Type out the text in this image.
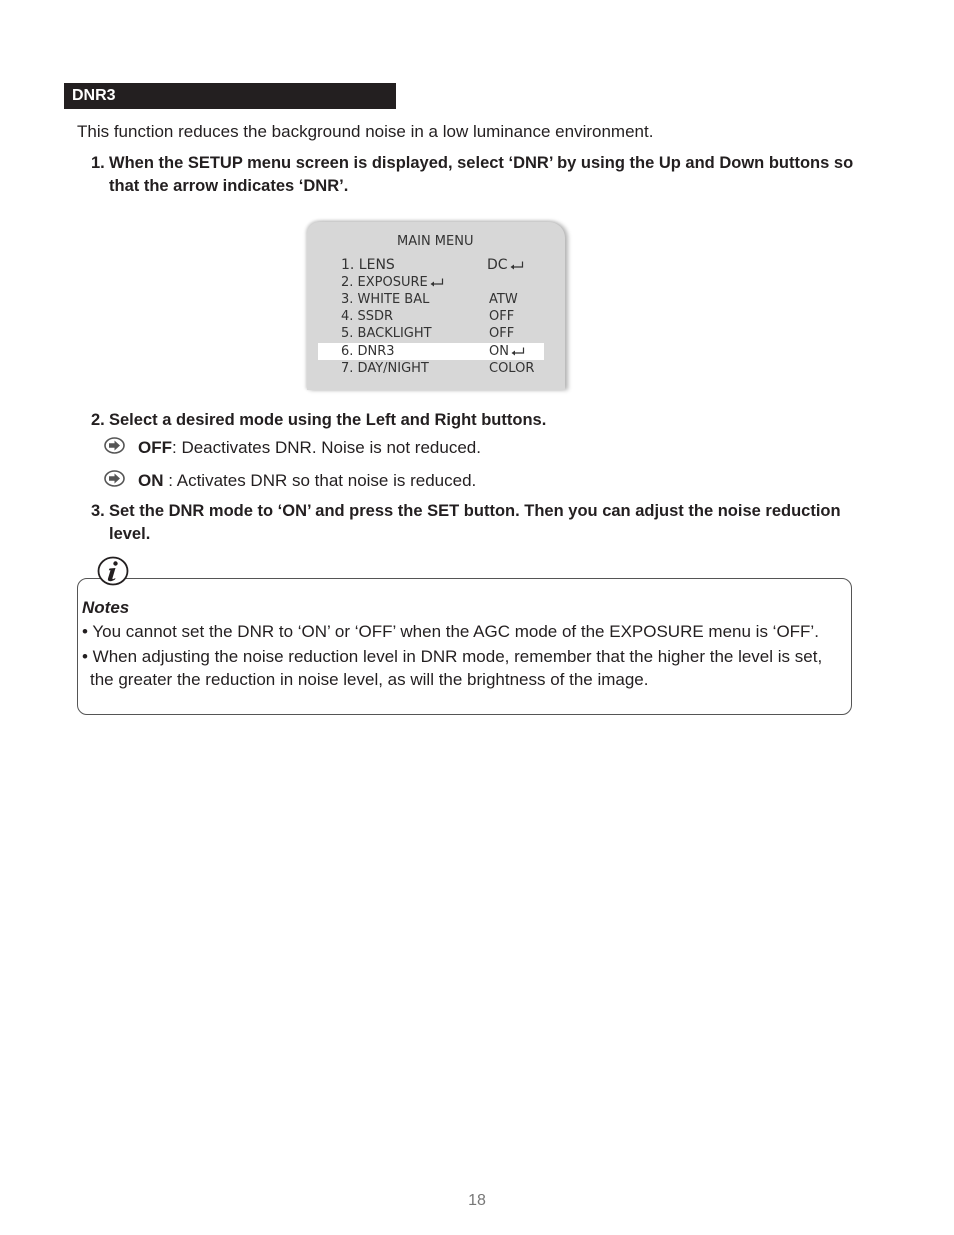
DNR3
This function reduces the background noise in a low luminance environment.
1. When the SETUP menu screen is displayed, select ‘DNR’ by using the Up and Down buttons so
that the arrow indicates ‘DNR’.
MAIN MENU
1. LENS	DC
2. EXPOSURE
3. WHITE BAL	ATW
4. SSDR	OFF
5. BACKLIGHT	OFF
6. DNR3	ON
7. DAY/NIGHT	COLOR
2. Select a desired mode using the Left and Right buttons.
OFF: Deactivates DNR. Noise is not reduced.
ON : Activates DNR so that noise is reduced.
3. Set the DNR mode to ‘ON’ and press the SET button. Then you can adjust the noise reduction
level.
Notes
• You cannot set the DNR to ‘ON’ or ‘OFF’ when the AGC mode of the EXPOSURE menu is ‘OFF’.
• When adjusting the noise reduction level in DNR mode, remember that the higher the level is set,
the greater the reduction in noise level, as will the brightness of the image.
18
